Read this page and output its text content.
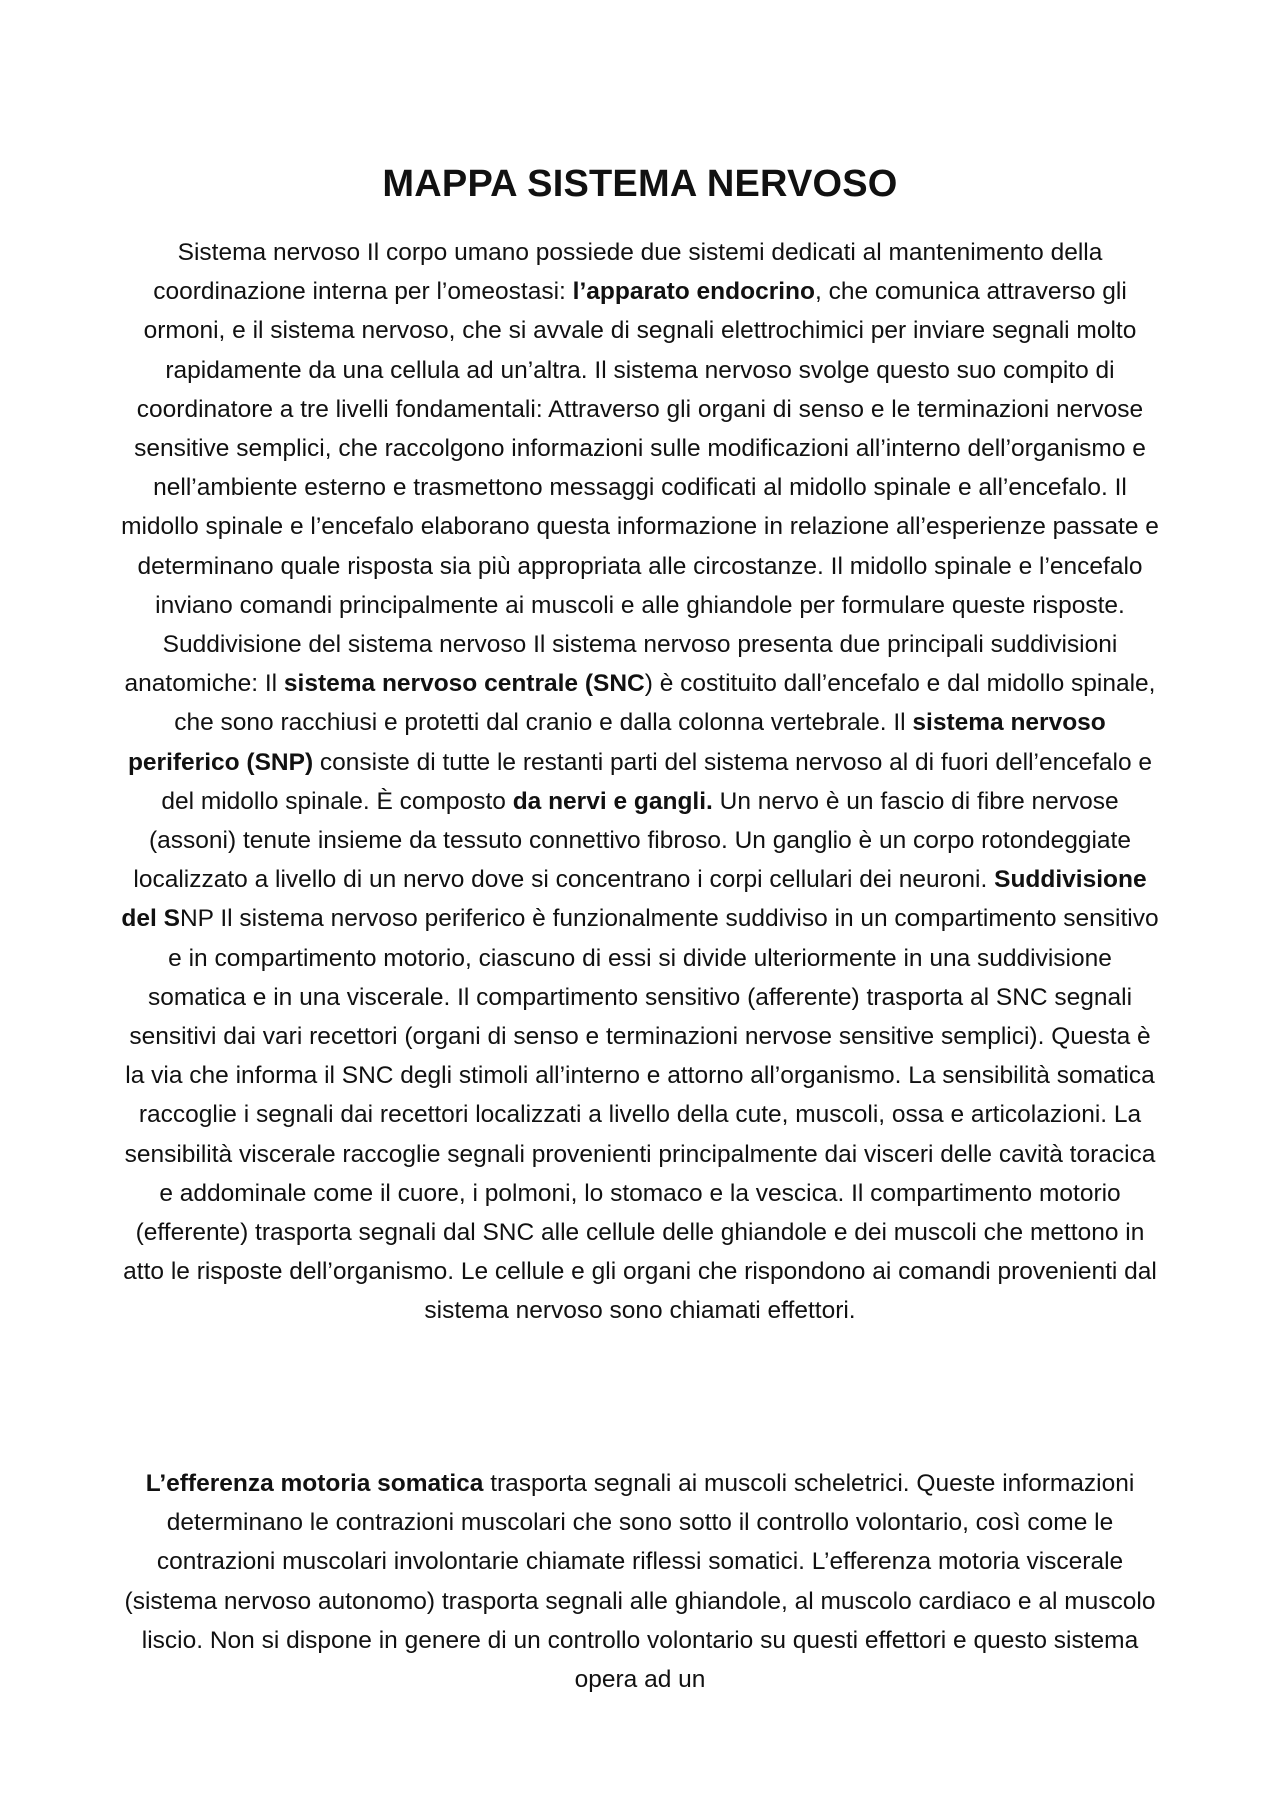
MAPPA SISTEMA NERVOSO

Sistema nervoso Il corpo umano possiede due sistemi dedicati al mantenimento della coordinazione interna per l’omeostasi: l’apparato endocrino, che comunica attraverso gli ormoni, e il sistema nervoso, che si avvale di segnali elettrochimici per inviare segnali molto rapidamente da una cellula ad un’altra. Il sistema nervoso svolge questo suo compito di coordinatore a tre livelli fondamentali: Attraverso gli organi di senso e le terminazioni nervose sensitive semplici, che raccolgono informazioni sulle modificazioni all’interno dell’organismo e nell’ambiente esterno e trasmettono messaggi codificati al midollo spinale e all’encefalo. Il midollo spinale e l’encefalo elaborano questa informazione in relazione all’esperienze passate e determinano quale risposta sia più appropriata alle circostanze. Il midollo spinale e l’encefalo inviano comandi principalmente ai muscoli e alle ghiandole per formulare queste risposte. Suddivisione del sistema nervoso Il sistema nervoso presenta due principali suddivisioni anatomiche: Il sistema nervoso centrale (SNC) è costituito dall’encefalo e dal midollo spinale, che sono racchiusi e protetti dal cranio e dalla colonna vertebrale. Il sistema nervoso periferico (SNP) consiste di tutte le restanti parti del sistema nervoso al di fuori dell’encefalo e del midollo spinale. È composto da nervi e gangli. Un nervo è un fascio di fibre nervose (assoni) tenute insieme da tessuto connettivo fibroso. Un ganglio è un corpo rotondeggiate localizzato a livello di un nervo dove si concentrano i corpi cellulari dei neuroni. Suddivisione del SNP Il sistema nervoso periferico è funzionalmente suddiviso in un compartimento sensitivo e in compartimento motorio, ciascuno di essi si divide ulteriormente in una suddivisione somatica e in una viscerale. Il compartimento sensitivo (afferente) trasporta al SNC segnali sensitivi dai vari recettori (organi di senso e terminazioni nervose sensitive semplici). Questa è la via che informa il SNC degli stimoli all’interno e attorno all’organismo. La sensibilità somatica raccoglie i segnali dai recettori localizzati a livello della cute, muscoli, ossa e articolazioni. La sensibilità viscerale raccoglie segnali provenienti principalmente dai visceri delle cavità toracica e addominale come il cuore, i polmoni, lo stomaco e la vescica. Il compartimento motorio (efferente) trasporta segnali dal SNC alle cellule delle ghiandole e dei muscoli che mettono in atto le risposte dell’organismo. Le cellule e gli organi che rispondono ai comandi provenienti dal sistema nervoso sono chiamati effettori.

L’efferenza motoria somatica trasporta segnali ai muscoli scheletrici. Queste informazioni determinano le contrazioni muscolari che sono sotto il controllo volontario, così come le contrazioni muscolari involontarie chiamate riflessi somatici. L’efferenza motoria viscerale (sistema nervoso autonomo) trasporta segnali alle ghiandole, al muscolo cardiaco e al muscolo liscio. Non si dispone in genere di un controllo volontario su questi effettori e questo sistema opera ad un
